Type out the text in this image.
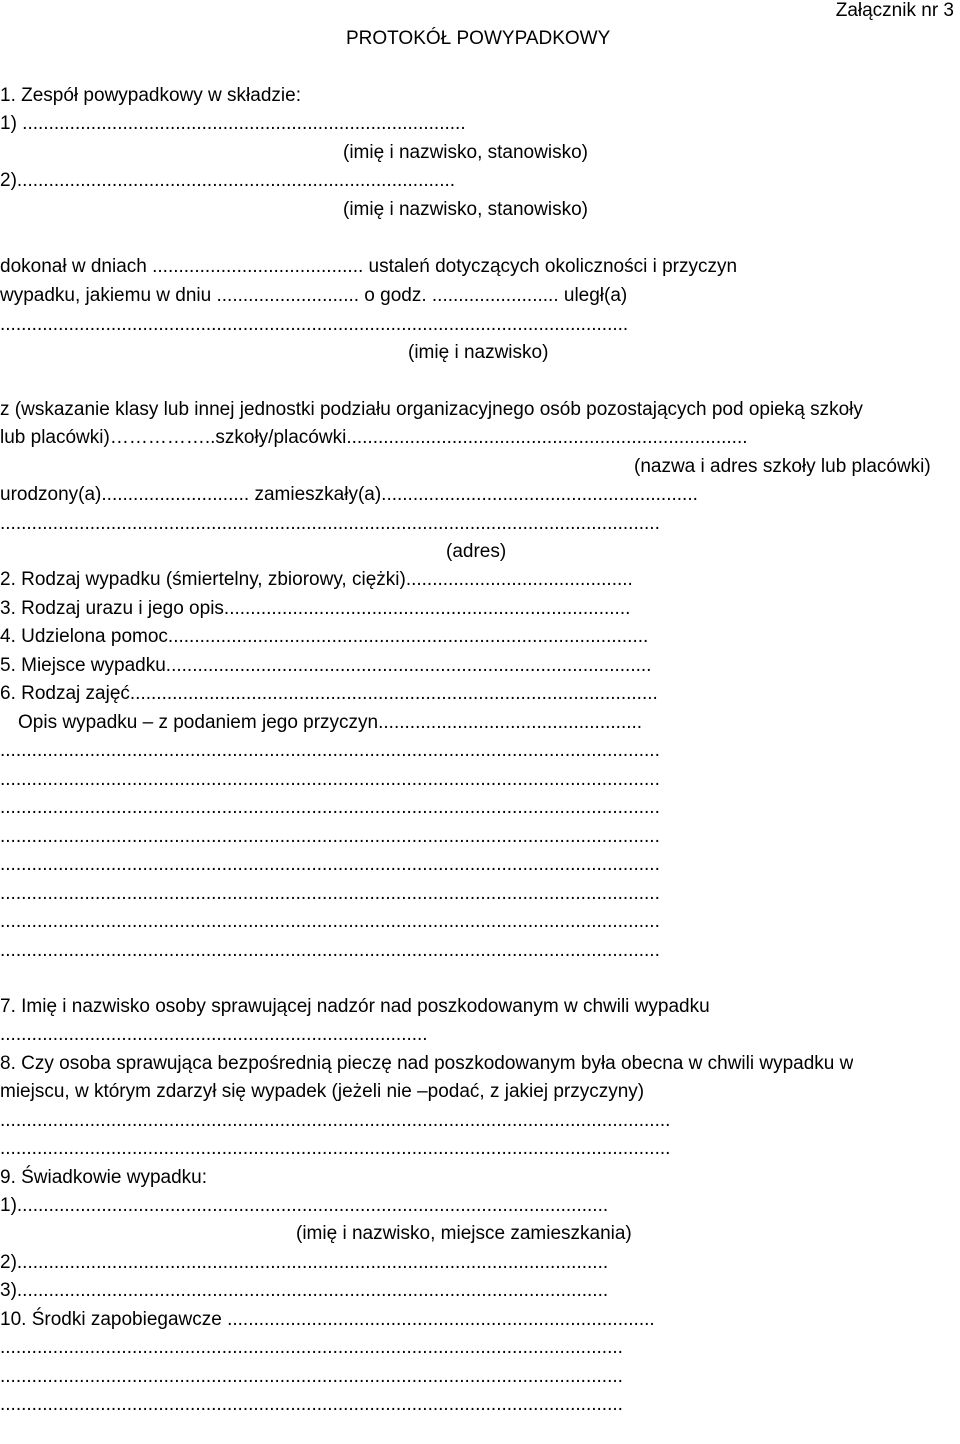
Załącznik nr 3
PROTOKÓŁ POWYPADKOWY
1. Zespół powypadkowy w składzie:
1) ....................................................................................
(imię i nazwisko, stanowisko)
2)...................................................................................
(imię i nazwisko, stanowisko)
dokonał w dniach ........................................ ustaleń dotyczących okoliczności i przyczyn
wypadku, jakiemu w dniu ........................... o godz. ........................ uległ(a)
.......................................................................................................................
(imię i nazwisko)
z (wskazanie klasy lub innej jednostki podziału organizacyjnego osób pozostających pod opieką szkoły
lub placówki)……………..szkoły/placówki............................................................................
(nazwa i adres szkoły lub placówki)
urodzony(a)............................ zamieszkały(a)............................................................
.............................................................................................................................
(adres)
2. Rodzaj wypadku (śmiertelny, zbiorowy, ciężki)...........................................
3. Rodzaj urazu i jego opis.............................................................................
4. Udzielona pomoc...........................................................................................
5. Miejsce wypadku............................................................................................
6. Rodzaj zajęć....................................................................................................
Opis wypadku – z podaniem jego przyczyn..................................................
.............................................................................................................................
.............................................................................................................................
.............................................................................................................................
.............................................................................................................................
.............................................................................................................................
.............................................................................................................................
.............................................................................................................................
.............................................................................................................................
7. Imię i nazwisko osoby sprawującej nadzór nad poszkodowanym w chwili wypadku
.................................................................................
8. Czy osoba sprawująca bezpośrednią pieczę nad poszkodowanym była obecna w chwili wypadku w
miejscu, w którym zdarzył się wypadek (jeżeli nie –podać, z jakiej przyczyny)
...............................................................................................................................
...............................................................................................................................
9. Świadkowie wypadku:
1)................................................................................................................
(imię i nazwisko, miejsce zamieszkania)
2)................................................................................................................
3)................................................................................................................
10. Środki zapobiegawcze .................................................................................
......................................................................................................................
......................................................................................................................
......................................................................................................................
